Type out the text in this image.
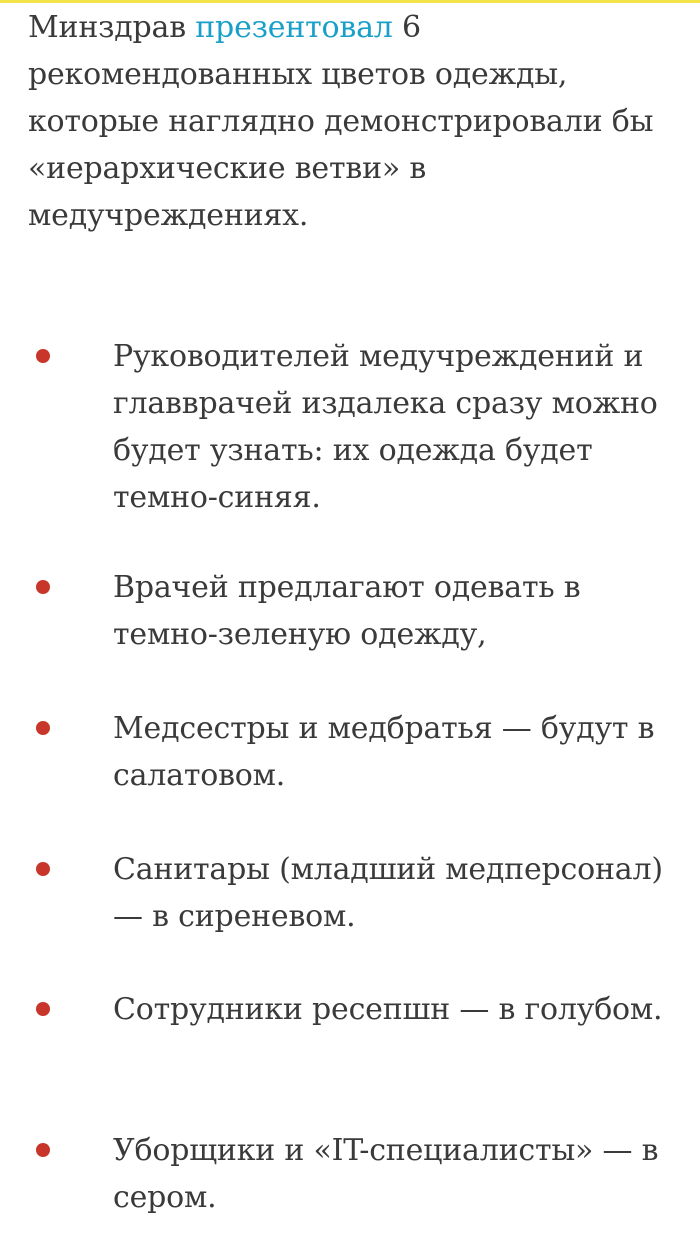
Минздрав презентовал 6 рекомендованных цветов одежды, которые наглядно демонстрировали бы «иерархические ветви» в медучреждениях.

Руководителей медучреждений и главврачей издалека сразу можно будет узнать: их одежда будет темно-синяя.
Врачей предлагают одевать в темно-зеленую одежду,
Медсестры и медбратья — будут в салатовом.
Санитары (младший медперсонал) — в сиреневом.
Сотрудники ресепшн — в голубом.
Уборщики и «IT-специалисты» — в сером.
